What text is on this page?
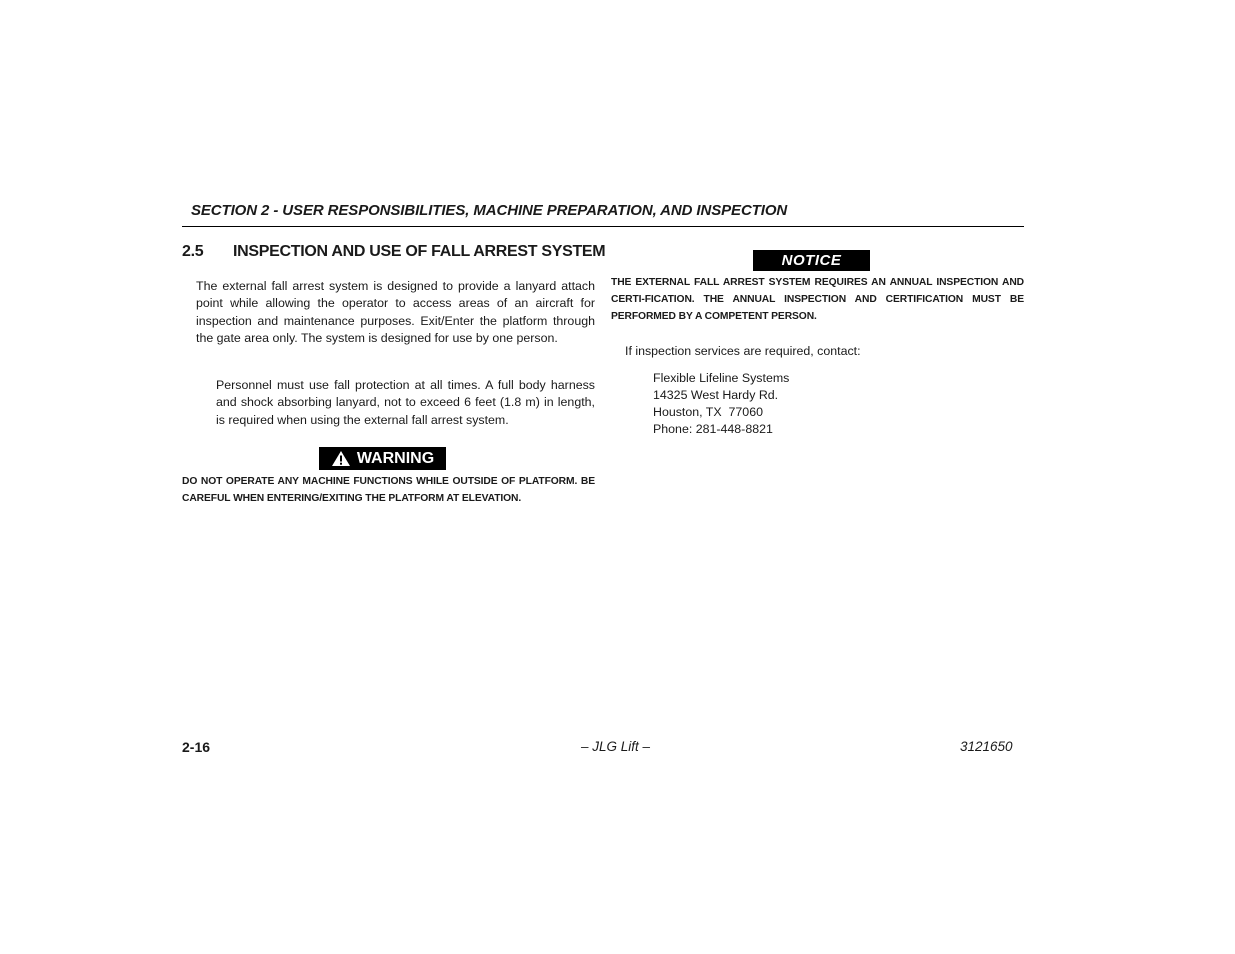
SECTION 2 - USER RESPONSIBILITIES, MACHINE PREPARATION, AND INSPECTION
2.5 INSPECTION AND USE OF FALL ARREST SYSTEM
The external fall arrest system is designed to provide a lanyard attach point while allowing the operator to access areas of an aircraft for inspection and maintenance purposes. Exit/Enter the platform through the gate area only. The system is designed for use by one person.
Personnel must use fall protection at all times. A full body harness and shock absorbing lanyard, not to exceed 6 feet (1.8 m) in length, is required when using the external fall arrest system.
WARNING
DO NOT OPERATE ANY MACHINE FUNCTIONS WHILE OUTSIDE OF PLATFORM. BE CAREFUL WHEN ENTERING/EXITING THE PLATFORM AT ELEVATION.
NOTICE
THE EXTERNAL FALL ARREST SYSTEM REQUIRES AN ANNUAL INSPECTION AND CERTI-FICATION. THE ANNUAL INSPECTION AND CERTIFICATION MUST BE PERFORMED BY A COMPETENT PERSON.
If inspection services are required, contact:
Flexible Lifeline Systems
14325 West Hardy Rd.
Houston, TX  77060
Phone: 281-448-8821
2-16	– JLG Lift –	3121650
